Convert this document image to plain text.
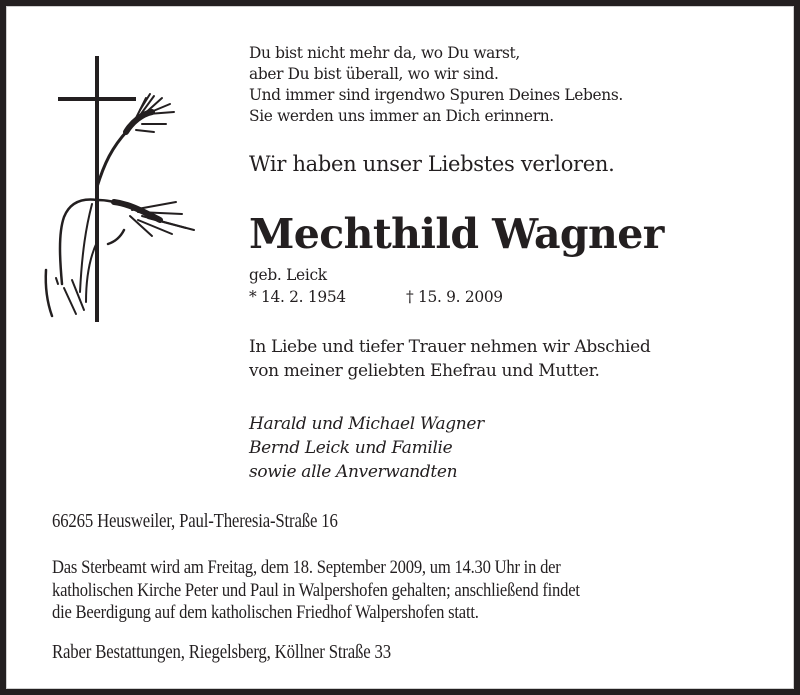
Du bist nicht mehr da, wo Du warst,
aber Du bist überall, wo wir sind.
Und immer sind irgendwo Spuren Deines Lebens.
Sie werden uns immer an Dich erinnern.
Wir haben unser Liebstes verloren.
Mechthild Wagner
geb. Leick
* 14. 2. 1954	† 15. 9. 2009
In Liebe und tiefer Trauer nehmen wir Abschied
von meiner geliebten Ehefrau und Mutter.
Harald und Michael Wagner
Bernd Leick und Familie
sowie alle Anverwandten
66265 Heusweiler, Paul-Theresia-Straße 16
Das Sterbeamt wird am Freitag, dem 18. September 2009, um 14.30 Uhr in der
katholischen Kirche Peter und Paul in Walpershofen gehalten; anschließend findet
die Beerdigung auf dem katholischen Friedhof Walpershofen statt.
Raber Bestattungen, Riegelsberg, Köllner Straße 33
